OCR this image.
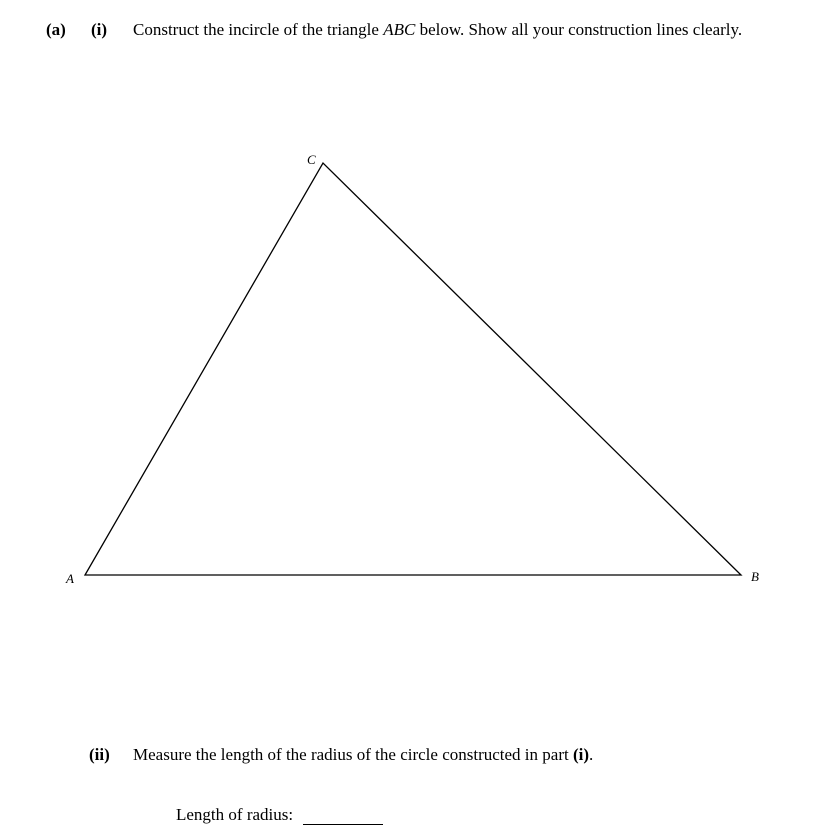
(a) (i) Construct the incircle of the triangle ABC below. Show all your construction lines clearly.
A	B
C
(ii) Measure the length of the radius of the circle constructed in part (i).
Length of radius:
